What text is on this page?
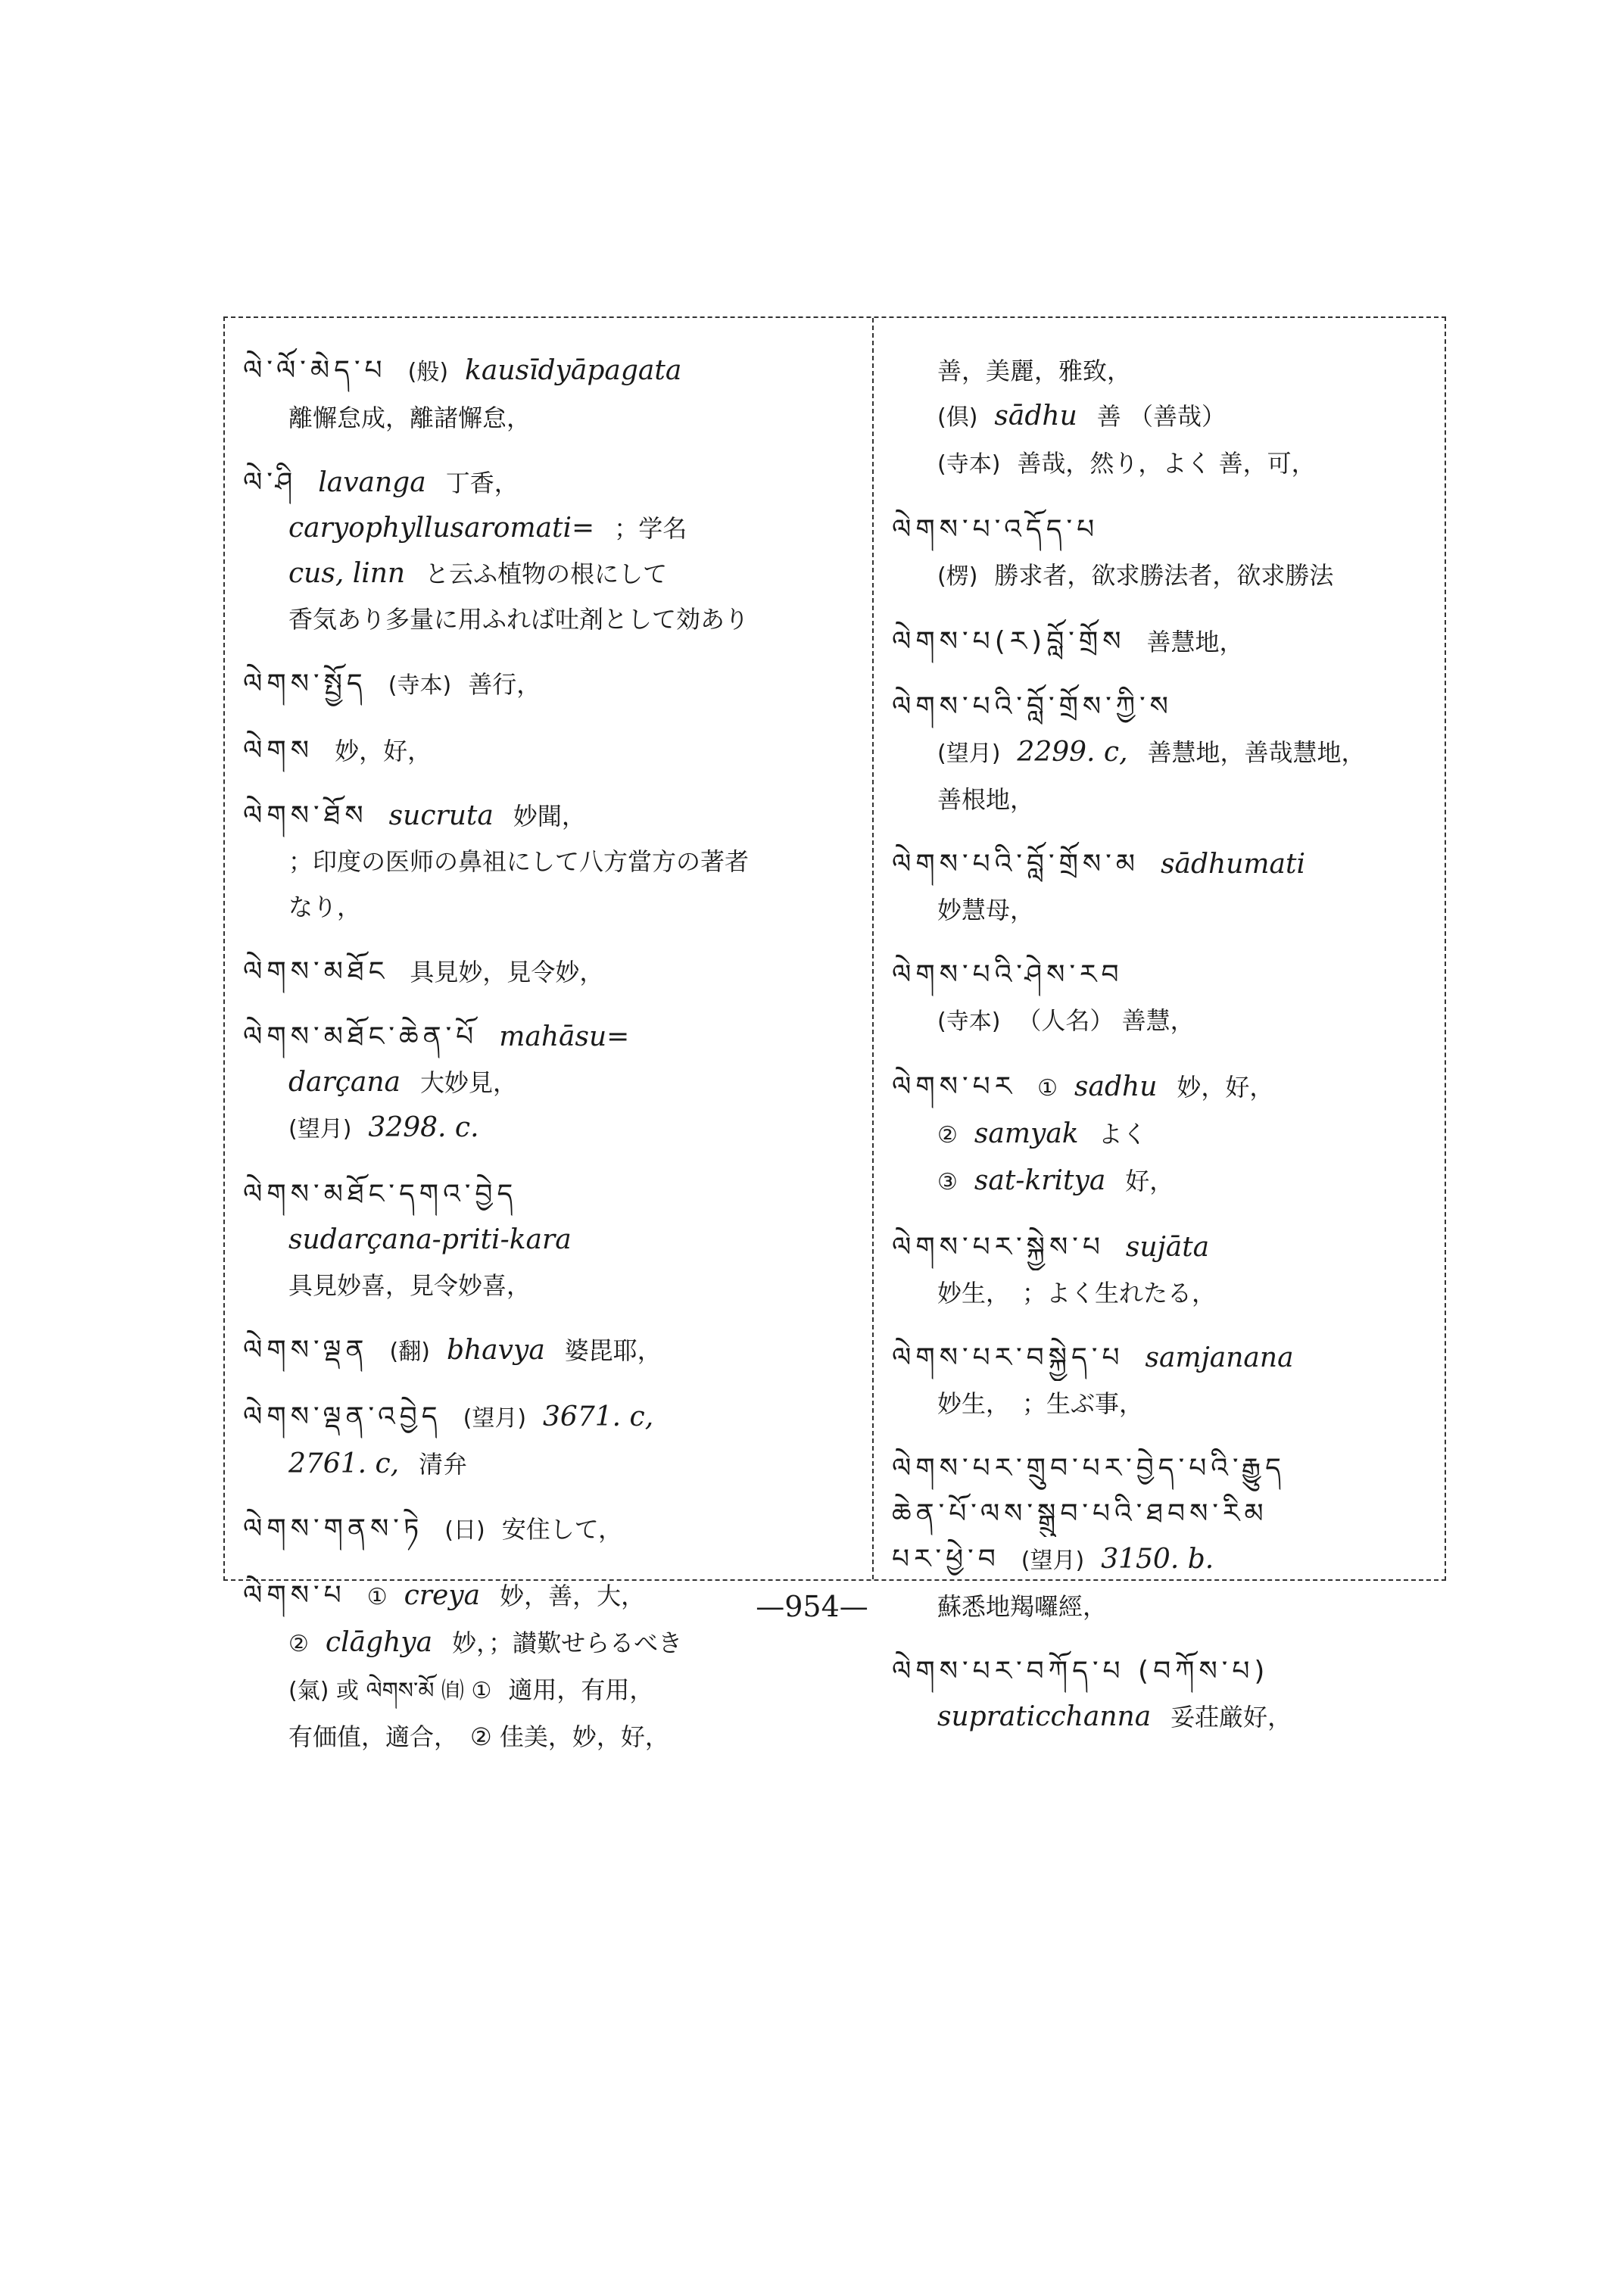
ལེ་ལོ་མེད་པ (般) kausīdyāpagata
離懈怠成，離諸懈怠，
ལེ་ཤི lavanga 丁香，
caryophyllusaromati= ；学名
cus, linn と云ふ植物の根にして
香気あり多量に用ふれば吐剤として効あり
ལེགས་སྤྱོད (寺本) 善行，
ལེགས 妙，好，
ལེགས་ཐོས sucruta 妙聞，
；印度の医师の鼻祖にして八方當方の著者
なり，
ལེགས་མཐོང 具見妙，見令妙，
ལེགས་མཐོང་ཆེན་པོ mahāsu=
darçana 大妙見，
(望月) 3298. c.
ལེགས་མཐོང་དགའ་བྱེད
sudarçana-priti-kara
具見妙喜，見令妙喜，
ལེགས་ལྡན (翻) bhavya 婆毘耶，
ལེགས་ལྡན་འབྱེད (望月) 3671. c,
2761. c, 清弁
ལེགས་གནས་ཏེ (日) 安住して，
ལེགས་པ ① creya 妙，善，大，
② clāghya 妙，；讃歎せらるべき
(氣) 或 ལེགས་མོ ㉂ ① 適用，有用，
有価值，適合，　② 佳美，妙，好，
善，美麗，雅致，
(倶) sādhu 善 （善哉）
(寺本) 善哉，然り，よく 善，可，
ལེགས་པ་འདོད་པ
(楞) 勝求者，欲求勝法者，欲求勝法
ལེགས་པ(ར)བློ་གྲོས 善慧地，
ལེགས་པའི་བློ་གྲོས་ཀྱི་ས
(望月) 2299. c, 善慧地，善哉慧地，
善根地，
ལེགས་པའི་བློ་གྲོས་མ sādhumati
妙慧母，
ལེགས་པའི་ཤེས་རབ
(寺本) （人名） 善慧，
ལེགས་པར ① sadhu 妙，好，
② samyak よく
③ sat-kritya 好，
ལེགས་པར་སྐྱེས་པ sujāta
妙生，　；よく生れたる，
ལེགས་པར་བསྐྱེད་པ samjanana
妙生，　；生ぶ事，
ལེགས་པར་གྲུབ་པར་བྱེད་པའི་རྒྱུད
ཆེན་པོ་ལས་སྒྲུབ་པའི་ཐབས་རིམ
པར་ཕྱེ་བ (望月) 3150. b.
蘇悉地羯囉經，
ལེགས་པར་བཀོད་པ (བཀོས་པ)
supraticchanna 妥荘厳好，
—954—
